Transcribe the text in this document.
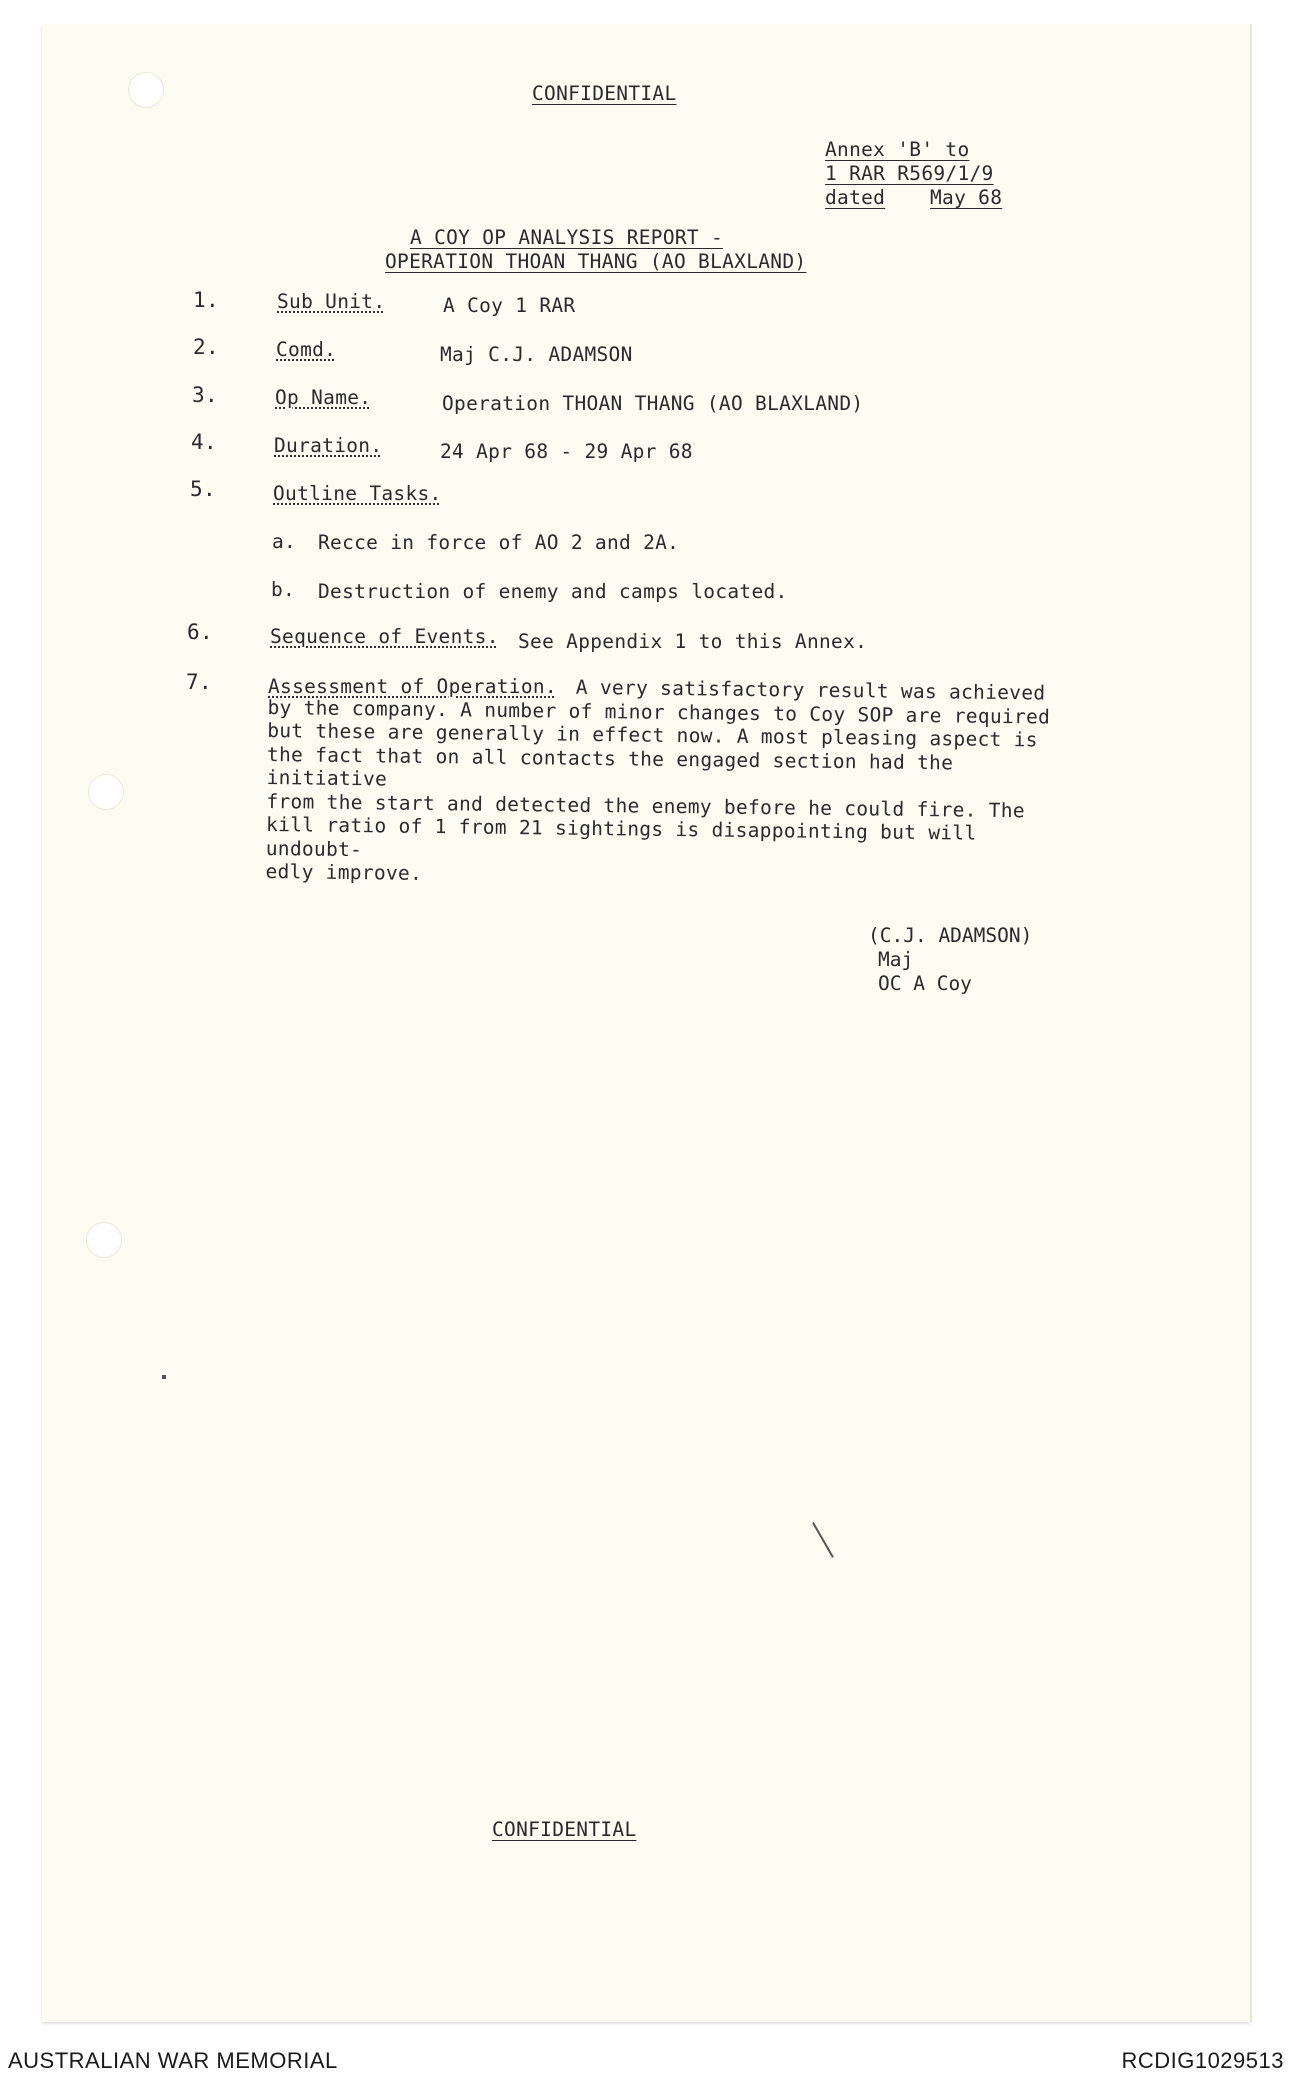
CONFIDENTIAL
Annex 'B' to
1 RAR R569/1/9
dated May 68
A COY OP ANALYSIS REPORT -
OPERATION THOAN THANG (AO BLAXLAND)
1.	Sub Unit.	A Coy 1 RAR
2.	Comd.	Maj C.J. ADAMSON
3.	Op Name.	Operation THOAN THANG (AO BLAXLAND)
4.	Duration.	24 Apr 68 - 29 Apr 68
5.	Outline Tasks.
a. Recce in force of AO 2 and 2A.
b. Destruction of enemy and camps located.
6.	Sequence of Events. See Appendix 1 to this Annex.
7.	Assessment of Operation. A very satisfactory result was achieved
by the company. A number of minor changes to Coy SOP are required
but these are generally in effect now. A most pleasing aspect is
the fact that on all contacts the engaged section had the initiative
from the start and detected the enemy before he could fire. The
kill ratio of 1 from 21 sightings is disappointing but will undoubt-
edly improve.
(C.J. ADAMSON)
Maj
OC A Coy
CONFIDENTIAL
AUSTRALIAN WAR MEMORIAL	RCDIG1029513
